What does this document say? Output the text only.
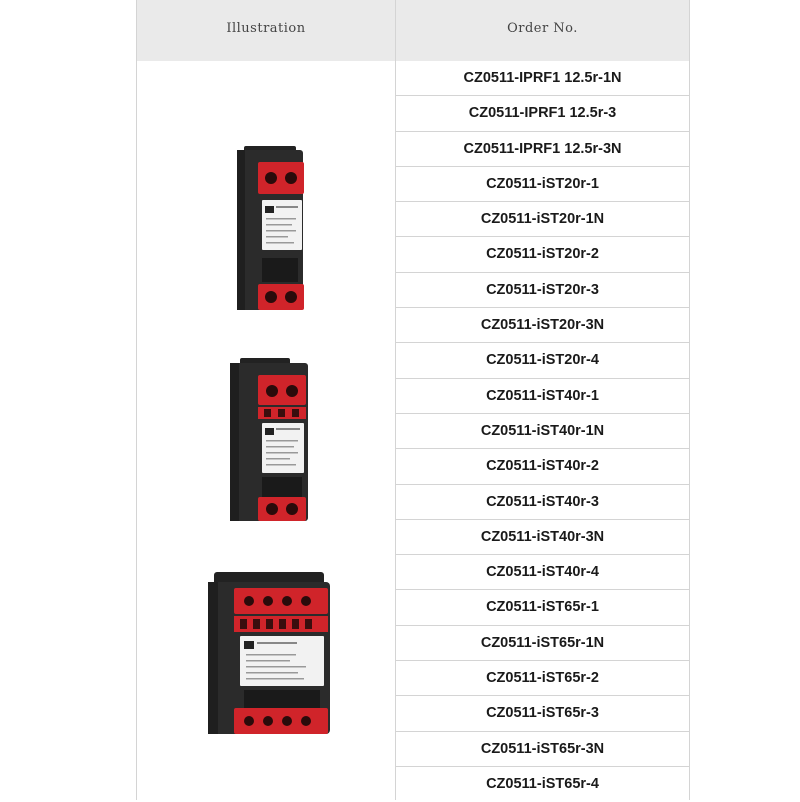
Illustration	Order No.
CZ0511-IPRF1 12.5r-1N
CZ0511-IPRF1 12.5r-3
CZ0511-IPRF1 12.5r-3N
CZ0511-iST20r-1
CZ0511-iST20r-1N
CZ0511-iST20r-2
CZ0511-iST20r-3
CZ0511-iST20r-3N
CZ0511-iST20r-4
CZ0511-iST40r-1
CZ0511-iST40r-1N
CZ0511-iST40r-2
CZ0511-iST40r-3
CZ0511-iST40r-3N
CZ0511-iST40r-4
CZ0511-iST65r-1
CZ0511-iST65r-1N
CZ0511-iST65r-2
CZ0511-iST65r-3
CZ0511-iST65r-3N
CZ0511-iST65r-4
